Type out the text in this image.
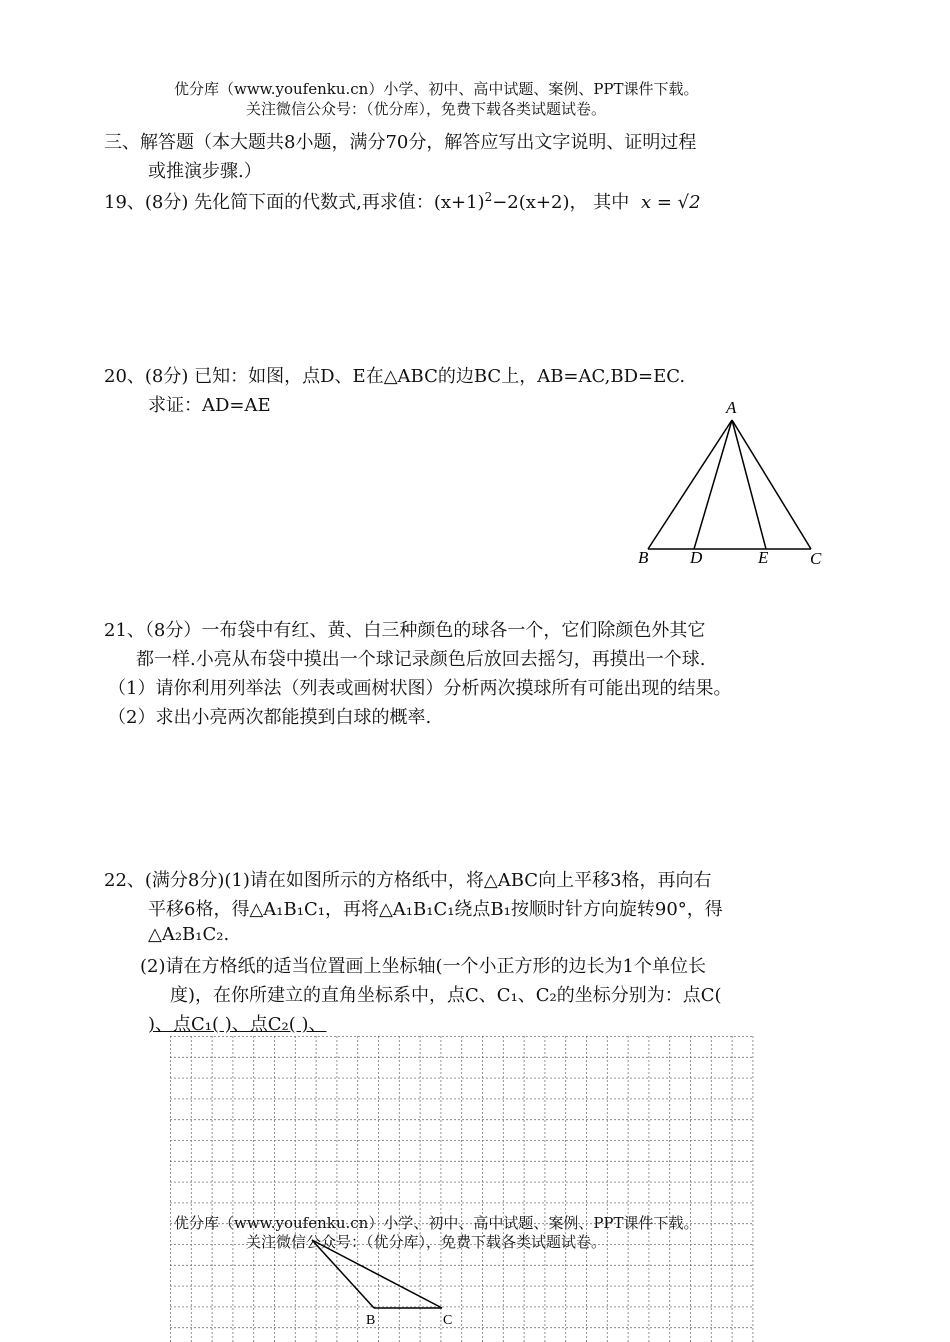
优分库（www.youfenku.cn）小学、初中、高中试题、案例、PPT课件下载。
关注微信公众号：（优分库），免费下载各类试题试卷。
三、解答题（本大题共8小题，满分70分，解答应写出文字说明、证明过程
或推演步骤.）
19、(8分) 先化简下面的代数式,再求值：$(x+1)^2-2(x+2)$， 其中 x = √2
20、(8分) 已知：如图，点D、E在△ABC的边BC上，AB=AC,BD=EC.
求证：AD=AE	A
B D	E C
21、（8分）一布袋中有红、黄、白三种颜色的球各一个，它们除颜色外其它
都一样.小亮从布袋中摸出一个球记录颜色后放回去摇匀，再摸出一个球.
（1）请你利用列举法（列表或画树状图）分析两次摸球所有可能出现的结果。
（2）求出小亮两次都能摸到白球的概率.
22、(满分8分)(1)请在如图所示的方格纸中，将△ABC向上平移3格，再向右
平移6格，得△A₁B₁C₁，再将△A₁B₁C₁绕点B₁按顺时针方向旋转90°，得
△A₂B₁C₂.
(2)请在方格纸的适当位置画上坐标轴(一个小正方形的边长为1个单位长
度)，在你所建立的直角坐标系中，点C、C₁、C₂的坐标分别为：点C(
)、点C₁( )、点C₂( )、
B	C
优分库（www.youfenku.cn）小学、初中、高中试题、案例、PPT课件下载。
关注微信公众号：（优分库），免费下载各类试题试卷。
